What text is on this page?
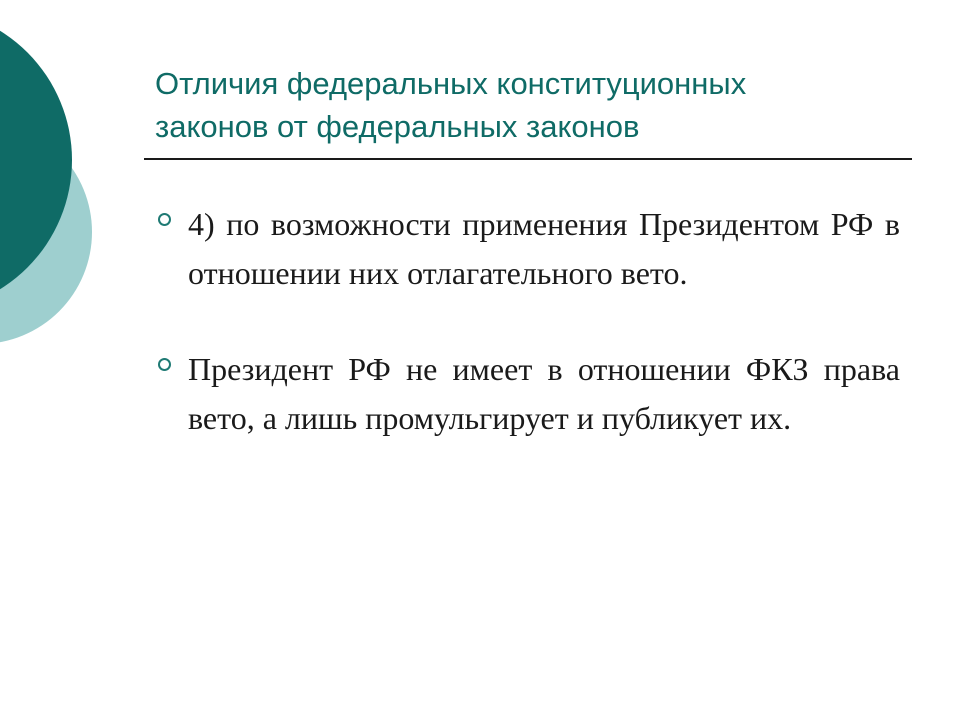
Отличия федеральных конституционных
законов от федеральных законов
4) по возможности применения Президентом РФ в отношении них отлагательного вето.
Президент РФ не имеет в отношении ФКЗ права вето, а лишь промульгирует и публикует их.
